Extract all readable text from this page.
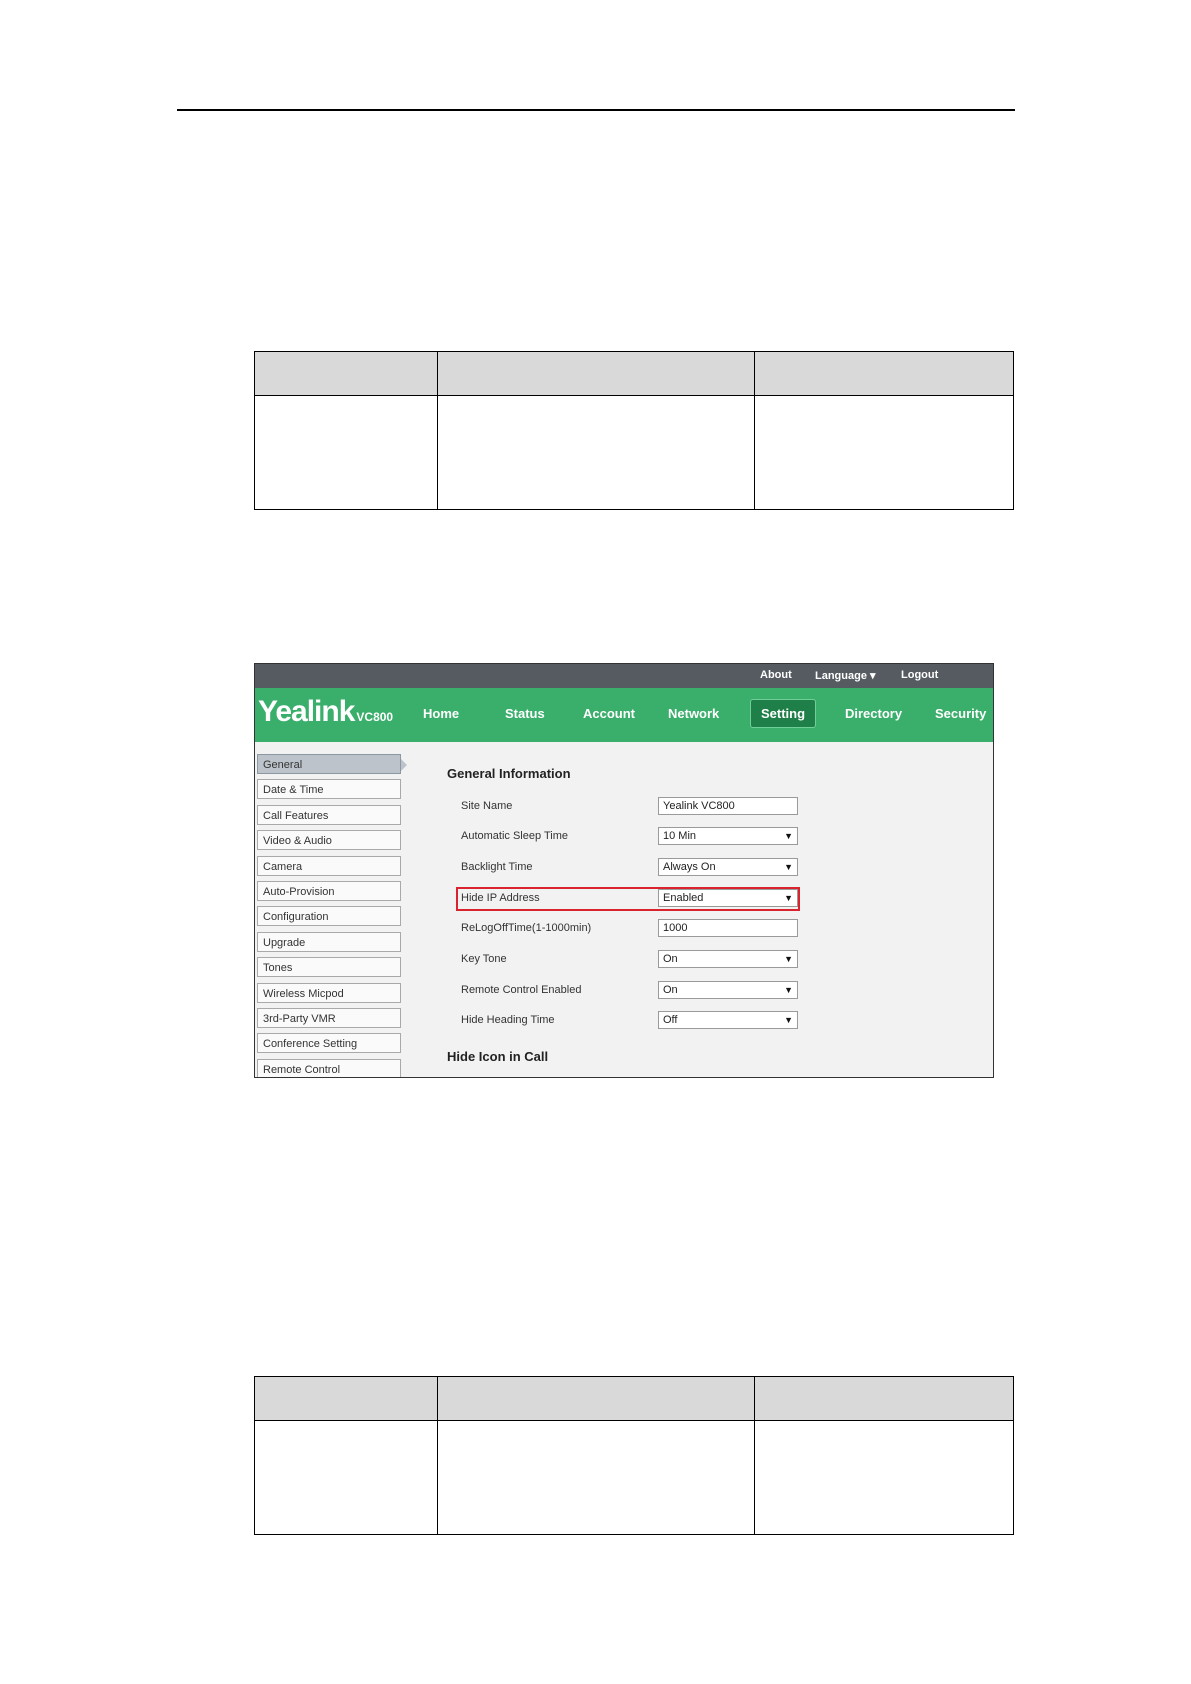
About Language ▾ Logout
Yealink VC800 Home	Status	Account	Network	Setting	Directory	Security
General
Date & Time
Call Features
Video & Audio
Camera
Auto-Provision
Configuration
Upgrade
Tones
Wireless Micpod
3rd-Party VMR
Conference Setting
Remote Control
General Information
Site Name	Yealink VC800
Automatic Sleep Time	10 Min	▼
Backlight Time	Always On	▼
Hide IP Address	Enabled	▼
ReLogOffTime(1-1000min)	1000
Key Tone	On	▼
Remote Control Enabled	On	▼
Hide Heading Time	Off	▼
Hide Icon in Call
